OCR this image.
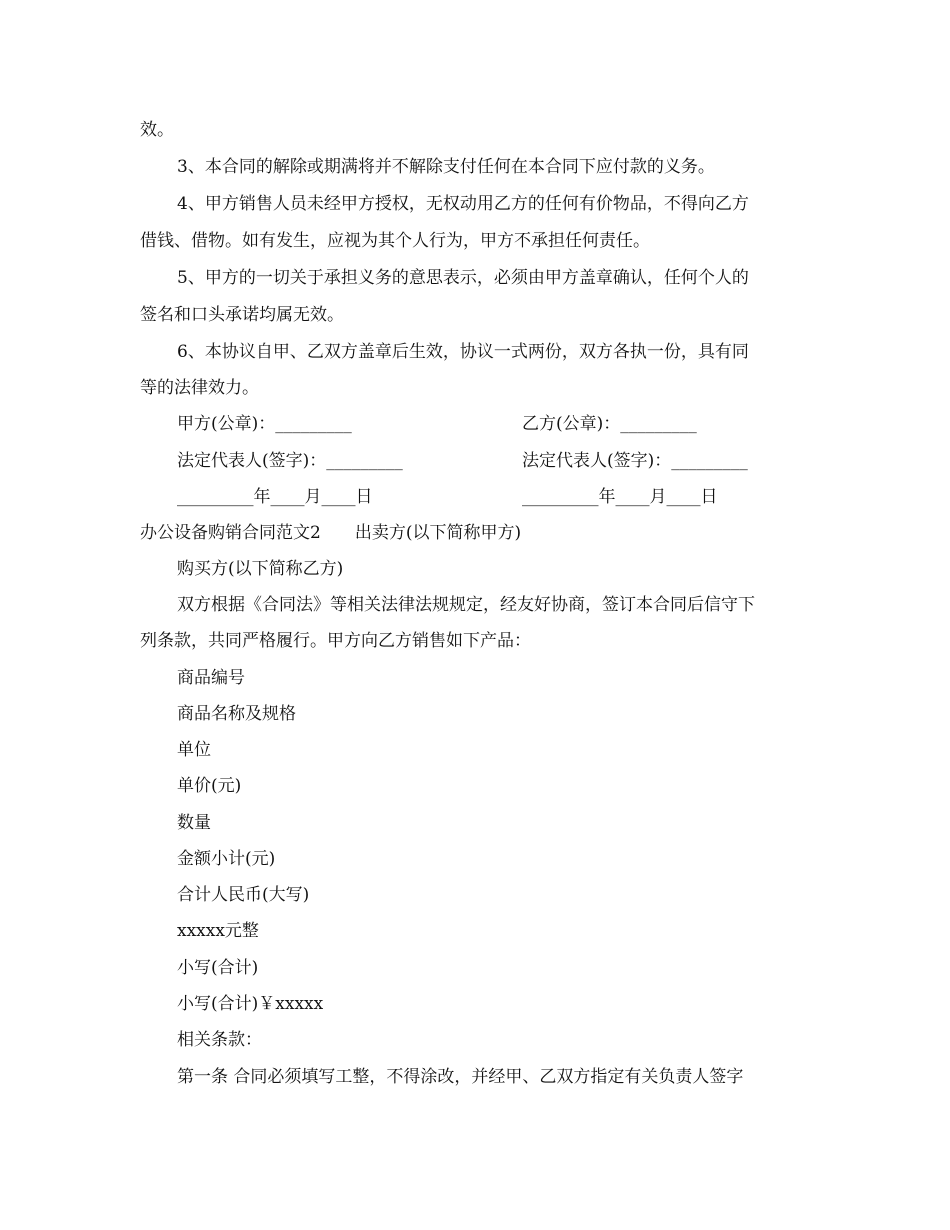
效。
3、本合同的解除或期满将并不解除支付任何在本合同下应付款的义务。
4、甲方销售人员未经甲方授权，无权动用乙方的任何有价物品，不得向乙方
借钱、借物。如有发生，应视为其个人行为，甲方不承担任何责任。
5、甲方的一切关于承担义务的意思表示，必须由甲方盖章确认，任何个人的
签名和口头承诺均属无效。
6、本协议自甲、乙双方盖章后生效，协议一式两份，双方各执一份，具有同
等的法律效力。
甲方(公章)：_________	乙方(公章)：_________
法定代表人(签字)：_________	法定代表人(签字)：_________
_________年____月____日	_________年____月____日
办公设备购销合同范文2 出卖方(以下简称甲方)
购买方(以下简称乙方)
双方根据《合同法》等相关法律法规规定，经友好协商，签订本合同后信守下
列条款，共同严格履行。甲方向乙方销售如下产品：
商品编号
商品名称及规格
单位
单价(元)
数量
金额小计(元)
合计人民币(大写)
xxxxx元整
小写(合计)
小写(合计)￥xxxxx
相关条款：
第一条 合同必须填写工整，不得涂改，并经甲、乙双方指定有关负责人签字
